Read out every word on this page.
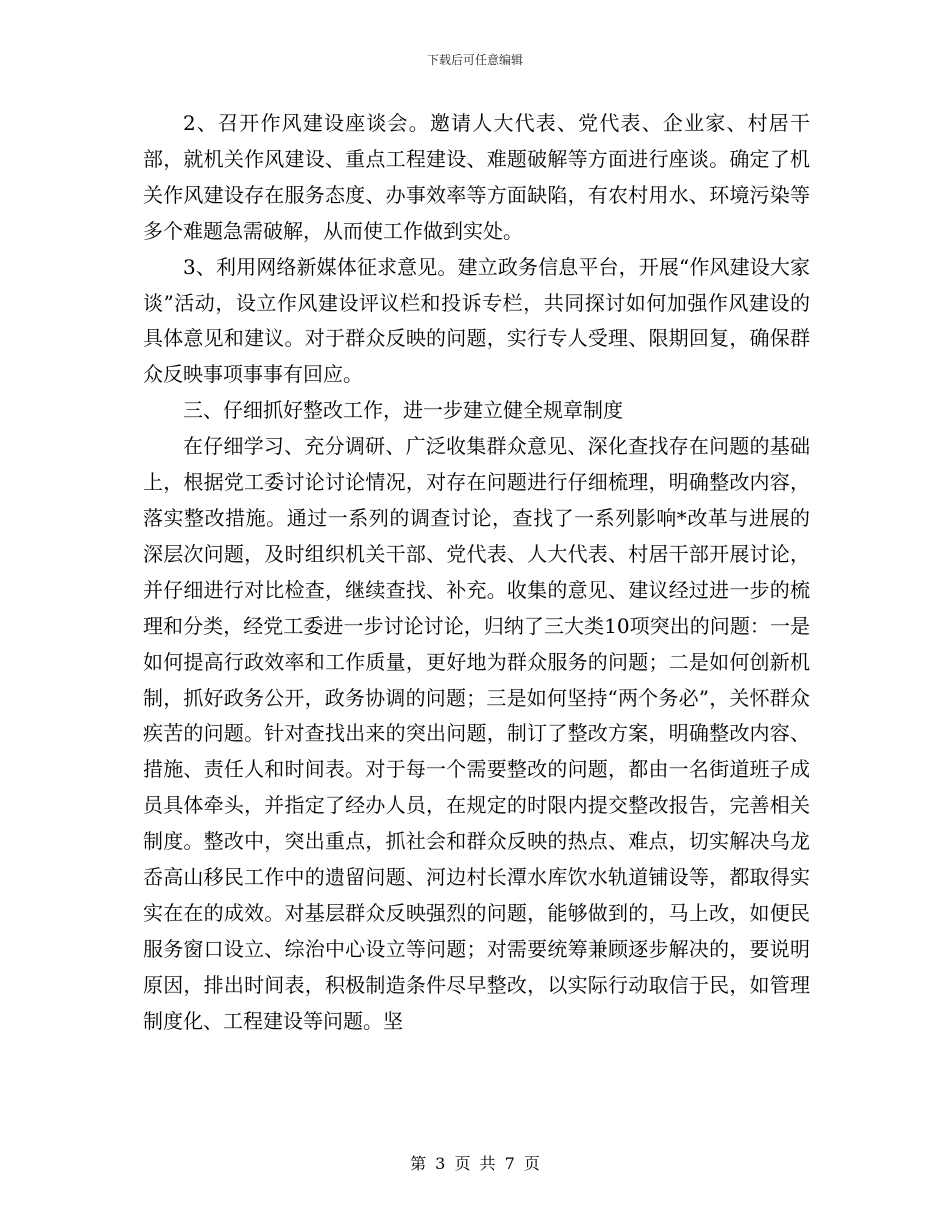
下载后可任意编辑

2、召开作风建设座谈会。邀请人大代表、党代表、企业家、村居干部，就机关作风建设、重点工程建设、难题破解等方面进行座谈。确定了机关作风建设存在服务态度、办事效率等方面缺陷，有农村用水、环境污染等多个难题急需破解，从而使工作做到实处。

3、利用网络新媒体征求意见。建立政务信息平台，开展“作风建设大家谈”活动，设立作风建设评议栏和投诉专栏，共同探讨如何加强作风建设的具体意见和建议。对于群众反映的问题，实行专人受理、限期回复，确保群众反映事项事事有回应。

三、仔细抓好整改工作，进一步建立健全规章制度

在仔细学习、充分调研、广泛收集群众意见、深化查找存在问题的基础上，根据党工委讨论讨论情况，对存在问题进行仔细梳理，明确整改内容，落实整改措施。通过一系列的调查讨论，查找了一系列影响*改革与进展的深层次问题，及时组织机关干部、党代表、人大代表、村居干部开展讨论，并仔细进行对比检查，继续查找、补充。收集的意见、建议经过进一步的梳理和分类，经党工委进一步讨论讨论，归纳了三大类10项突出的问题：一是如何提高行政效率和工作质量，更好地为群众服务的问题；二是如何创新机制，抓好政务公开，政务协调的问题；三是如何坚持“两个务必”，关怀群众疾苦的问题。针对查找出来的突出问题，制订了整改方案，明确整改内容、措施、责任人和时间表。对于每一个需要整改的问题，都由一名街道班子成员具体牵头，并指定了经办人员，在规定的时限内提交整改报告，完善相关制度。整改中，突出重点，抓社会和群众反映的热点、难点，切实解决乌龙岙高山移民工作中的遗留问题、河边村长潭水库饮水轨道铺设等，都取得实实在在的成效。对基层群众反映强烈的问题，能够做到的，马上改，如便民服务窗口设立、综治中心设立等问题；对需要统筹兼顾逐步解决的，要说明原因，排出时间表，积极制造条件尽早整改，以实际行动取信于民，如管理制度化、工程建设等问题。坚

第 3 页 共 7 页
